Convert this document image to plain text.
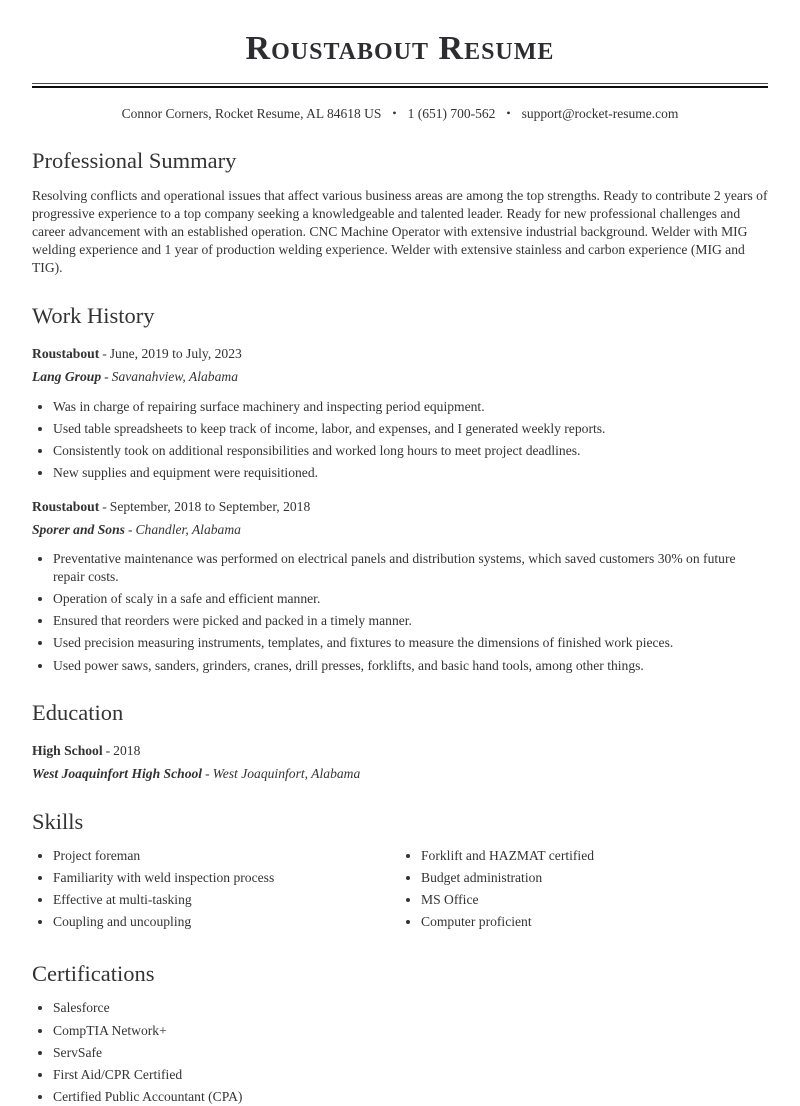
Roustabout Resume
Connor Corners, Rocket Resume, AL 84618 US • 1 (651) 700-562 • support@rocket-resume.com
Professional Summary

Resolving conflicts and operational issues that affect various business areas are among the top strengths. Ready to contribute 2 years of progressive experience to a top company seeking a knowledgeable and talented leader. Ready for new professional challenges and career advancement with an established operation. CNC Machine Operator with extensive industrial background. Welder with MIG welding experience and 1 year of production welding experience. Welder with extensive stainless and carbon experience (MIG and TIG).

Work History

Roustabout - June, 2019 to July, 2023

Lang Group - Savanahview, Alabama

• Was in charge of repairing surface machinery and inspecting period equipment.
• Used table spreadsheets to keep track of income, labor, and expenses, and I generated weekly reports.
• Consistently took on additional responsibilities and worked long hours to meet project deadlines.
• New supplies and equipment were requisitioned.

Roustabout - September, 2018 to September, 2018

Sporer and Sons - Chandler, Alabama

• Preventative maintenance was performed on electrical panels and distribution systems, which saved customers 30% on future repair costs.
• Operation of scaly in a safe and efficient manner.
• Ensured that reorders were picked and packed in a timely manner.
• Used precision measuring instruments, templates, and fixtures to measure the dimensions of finished work pieces.
• Used power saws, sanders, grinders, cranes, drill presses, forklifts, and basic hand tools, among other things.
Education

High School - 2018

West Joaquinfort High School - West Joaquinfort, Alabama

Skills
• Project foreman
• Familiarity with weld inspection process
• Effective at multi-tasking
• Coupling and uncoupling
• Forklift and HAZMAT certified
• Budget administration
• MS Office
• Computer proficient
Certifications
• Salesforce
• CompTIA Network+
• ServSafe
• First Aid/CPR Certified
• Certified Public Accountant (CPA)
